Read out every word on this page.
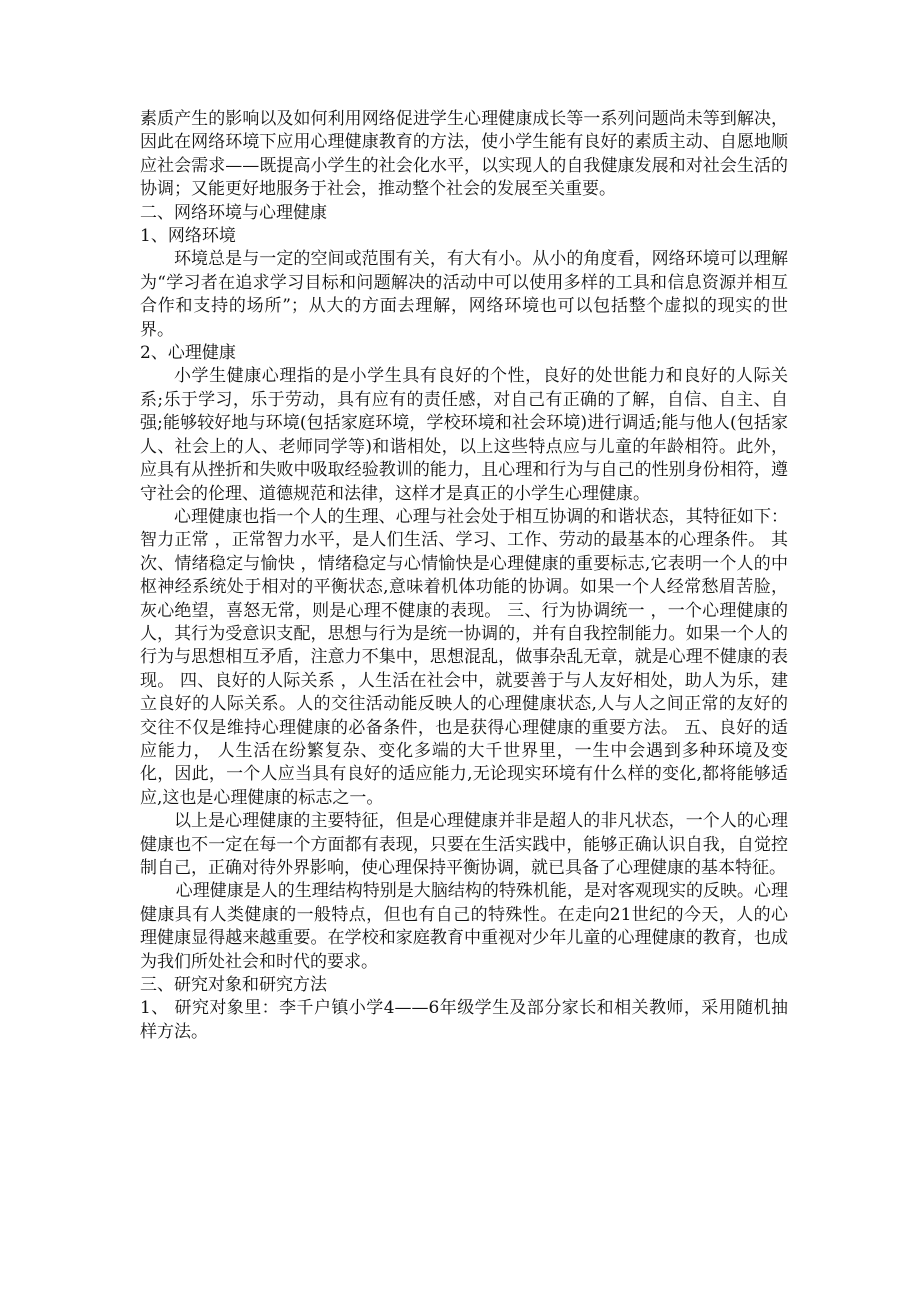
素质产生的影响以及如何利用网络促进学生心理健康成长等一系列问题尚未等到解决，因此在网络环境下应用心理健康教育的方法，使小学生能有良好的素质主动、自愿地顺应社会需求——既提高小学生的社会化水平，以实现人的自我健康发展和对社会生活的协调；又能更好地服务于社会，推动整个社会的发展至关重要。

二、网络环境与心理健康

1、网络环境

环境总是与一定的空间或范围有关，有大有小。从小的角度看，网络环境可以理解为“学习者在追求学习目标和问题解决的活动中可以使用多样的工具和信息资源并相互合作和支持的场所”；从大的方面去理解，网络环境也可以包括整个虚拟的现实的世界。

2、心理健康

小学生健康心理指的是小学生具有良好的个性，良好的处世能力和良好的人际关系;乐于学习，乐于劳动，具有应有的责任感，对自己有正确的了解，自信、自主、自强;能够较好地与环境(包括家庭环境，学校环境和社会环境)进行调适;能与他人(包括家人、社会上的人、老师同学等)和谐相处，以上这些特点应与儿童的年龄相符。此外，应具有从挫折和失败中吸取经验教训的能力，且心理和行为与自己的性别身份相符，遵守社会的伦理、道德规范和法律，这样才是真正的小学生心理健康。

心理健康也指一个人的生理、心理与社会处于相互协调的和谐状态，其特征如下： 智力正常 ，正常智力水平，是人们生活、学习、工作、劳动的最基本的心理条件。 其次、情绪稳定与愉快 ，情绪稳定与心情愉快是心理健康的重要标志,它表明一个人的中枢神经系统处于相对的平衡状态,意味着机体功能的协调。如果一个人经常愁眉苦脸，灰心绝望，喜怒无常，则是心理不健康的表现。 三、行为协调统一 ，一个心理健康的人，其行为受意识支配，思想与行为是统一协调的，并有自我控制能力。如果一个人的行为与思想相互矛盾，注意力不集中，思想混乱，做事杂乱无章，就是心理不健康的表现。 四、良好的人际关系 ，人生活在社会中，就要善于与人友好相处，助人为乐，建立良好的人际关系。人的交往活动能反映人的心理健康状态,人与人之间正常的友好的交往不仅是维持心理健康的必备条件，也是获得心理健康的重要方法。 五、良好的适应能力， 人生活在纷繁复杂、变化多端的大千世界里，一生中会遇到多种环境及变化，因此，一个人应当具有良好的适应能力,无论现实环境有什么样的变化,都将能够适应,这也是心理健康的标志之一。

以上是心理健康的主要特征，但是心理健康并非是超人的非凡状态，一个人的心理健康也不一定在每一个方面都有表现，只要在生活实践中，能够正确认识自我，自觉控制自己，正确对待外界影响，使心理保持平衡协调，就已具备了心理健康的基本特征。

心理健康是人的生理结构特别是大脑结构的特殊机能，是对客观现实的反映。心理健康具有人类健康的一般特点，但也有自己的特殊性。在走向21世纪的今天，人的心理健康显得越来越重要。在学校和家庭教育中重视对少年儿童的心理健康的教育，也成为我们所处社会和时代的要求。

三、研究对象和研究方法

1、 研究对象里：李千户镇小学4——6年级学生及部分家长和相关教师，采用随机抽样方法。
